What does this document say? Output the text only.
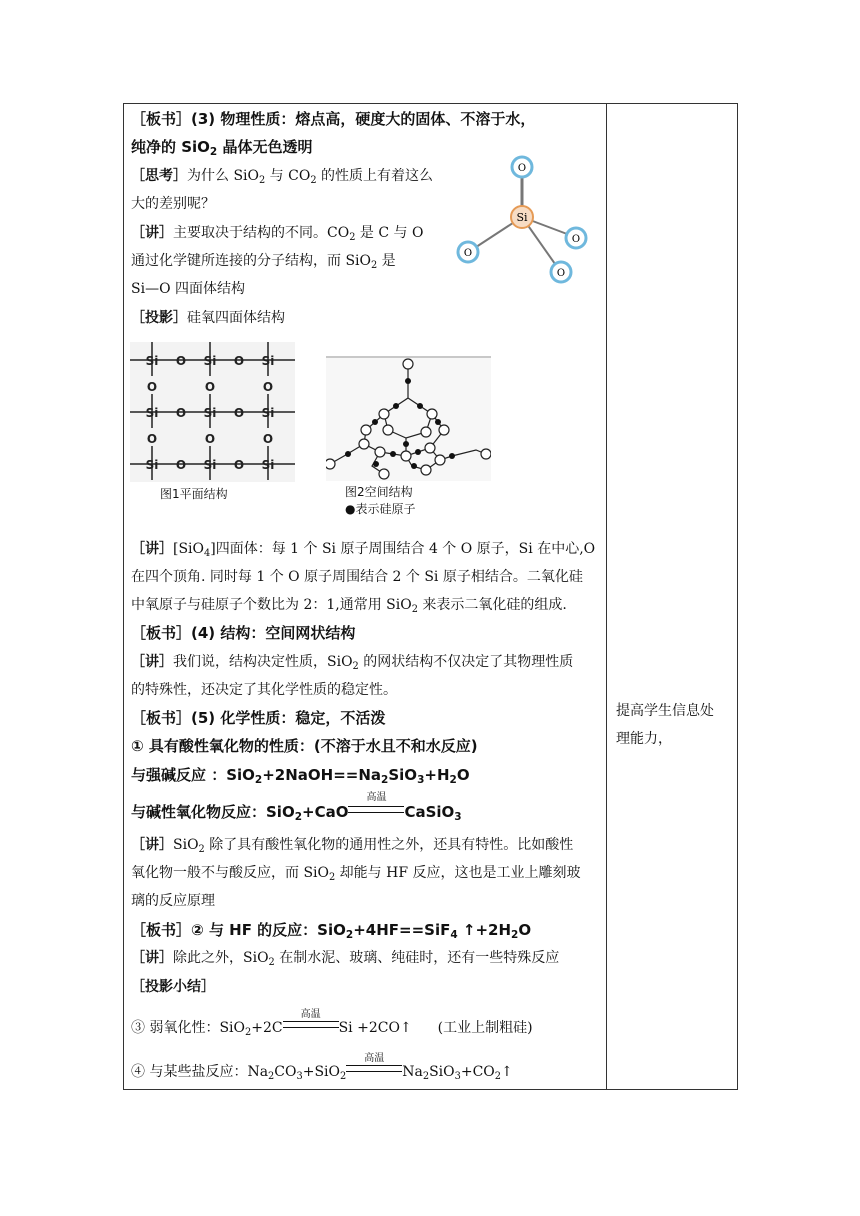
提高学生信息处
理能力，
［板书］(3) 物理性质：熔点高，硬度大的固体、不溶于水，
纯净的 SiO$_2$ 晶体无色透明
［思考］为什么 SiO$_2$ 与 $CO_2$ 的性质上有着这么
大的差别呢？
［讲］主要取决于结构的不同。$CO_2$ 是 C 与 O
通过化学键所连接的分子结构，而 SiO$_2$ 是
Si—O 四面体结构
［投影］硅氧四面体结构
Si
O
O
O
O
Si	Si	Si
O	O
Si	Si	Si
O	O
Si	Si	Si
O	O
O	O	O
O	O	O
图1平面结构	图2空间结构
●表示硅原子
［讲］[SiO$_4$]四面体：每 1 个 Si 原子周围结合 4 个 O 原子，Si 在中心,O
在四个顶角. 同时每 1 个 O 原子周围结合 2 个 Si 原子相结合。二氧化硅
中氧原子与硅原子个数比为 2：1,通常用 SiO$_2$ 来表示二氧化硅的组成.
［板书］(4) 结构：空间网状结构
［讲］我们说，结构决定性质，SiO$_2$ 的网状结构不仅决定了其物理性质
的特殊性，还决定了其化学性质的稳定性。
［板书］(5) 化学性质：稳定，不活泼
① 具有酸性氧化物的性质：(不溶于水且不和水反应)
与强碱反应 ：$SiO_2+2NaOH==Na_2SiO_3+H_2O$
与碱性氧化物反应：SiO$_2$+CaO
高温
CaSiO$_3$
［讲］SiO$_2$ 除了具有酸性氧化物的通用性之外，还具有特性。比如酸性
氧化物一般不与酸反应，而 SiO$_2$ 却能与 HF 反应，这也是工业上雕刻玻
璃的反应原理
［板书］② 与 HF 的反应：SiO$_2$+4HF==SiF$_4$ $↑+2H_2O$
［讲］除此之外，SiO$_2$ 在制水泥、玻璃、纯硅时，还有一些特殊反应
［投影小结］
③ 弱氧化性：SiO$_2$+2C
高温
Si +2CO↑ (工业上制粗硅)
④ 与某些盐反应：$Na_2CO_3+SiO_2$
高温
$Na_2SiO_3+CO_2↑$
